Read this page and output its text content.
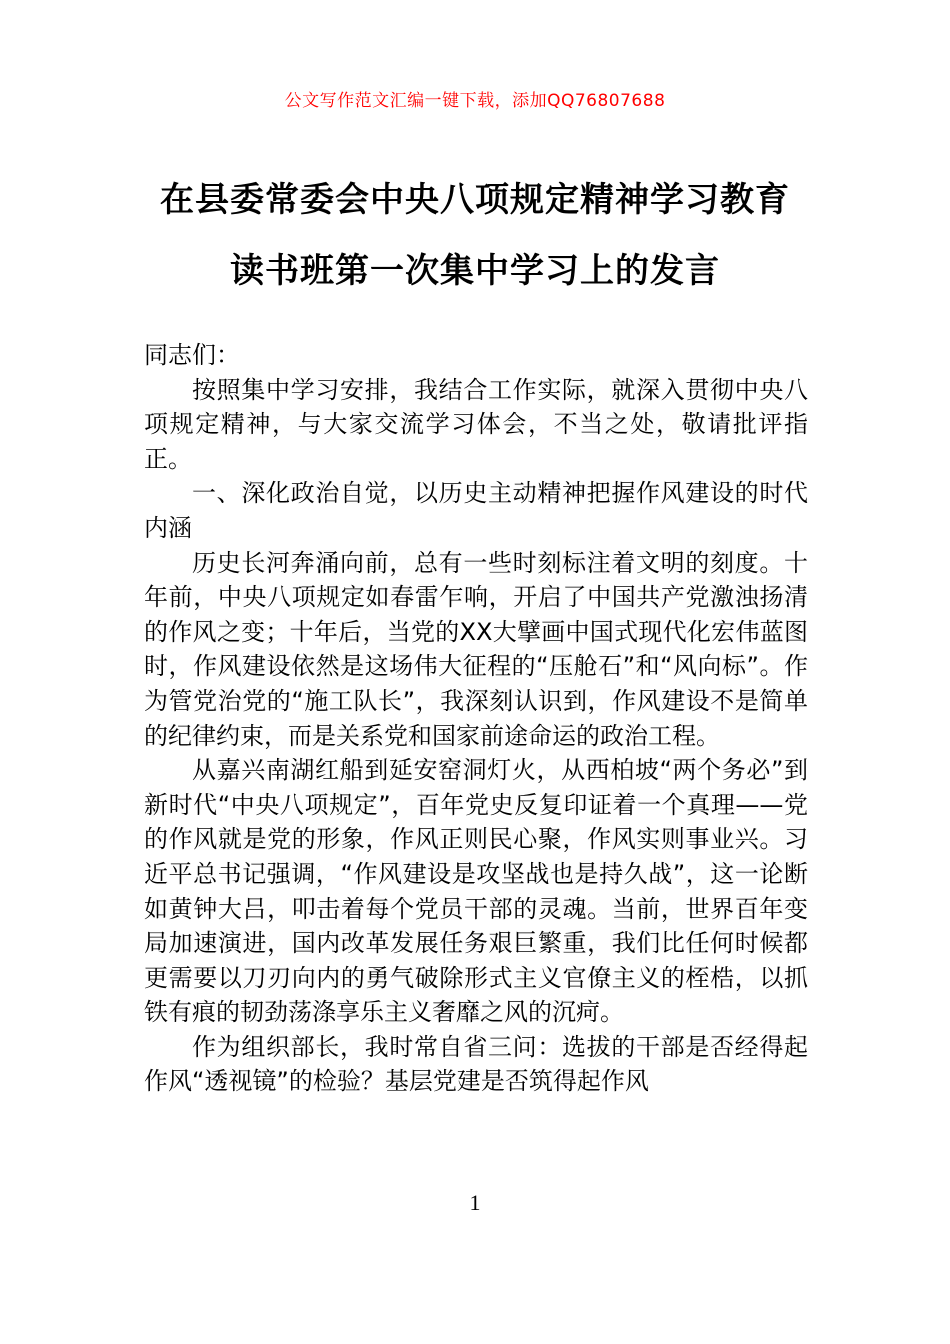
公文写作范文汇编一键下载，添加QQ76807688
在县委常委会中央八项规定精神学习教育
读书班第一次集中学习上的发言

同志们：

按照集中学习安排，我结合工作实际，就深入贯彻中央八项规定精神，与大家交流学习体会，不当之处，敬请批评指正。

一、深化政治自觉，以历史主动精神把握作风建设的时代内涵

历史长河奔涌向前，总有一些时刻标注着文明的刻度。十年前，中央八项规定如春雷乍响，开启了中国共产党激浊扬清的作风之变；十年后，当党的XX大擘画中国式现代化宏伟蓝图时，作风建设依然是这场伟大征程的“压舱石”和“风向标”。作为管党治党的“施工队长”，我深刻认识到，作风建设不是简单的纪律约束，而是关系党和国家前途命运的政治工程。

从嘉兴南湖红船到延安窑洞灯火，从西柏坡“两个务必”到新时代“中央八项规定”，百年党史反复印证着一个真理——党的作风就是党的形象，作风正则民心聚，作风实则事业兴。习近平总书记强调，“作风建设是攻坚战也是持久战”，这一论断如黄钟大吕，叩击着每个党员干部的灵魂。当前，世界百年变局加速演进，国内改革发展任务艰巨繁重，我们比任何时候都更需要以刀刃向内的勇气破除形式主义官僚主义的桎梏，以抓铁有痕的韧劲荡涤享乐主义奢靡之风的沉疴。

作为组织部长，我时常自省三问：选拔的干部是否经得起作风“透视镜”的检验？基层党建是否筑得起作风

1
